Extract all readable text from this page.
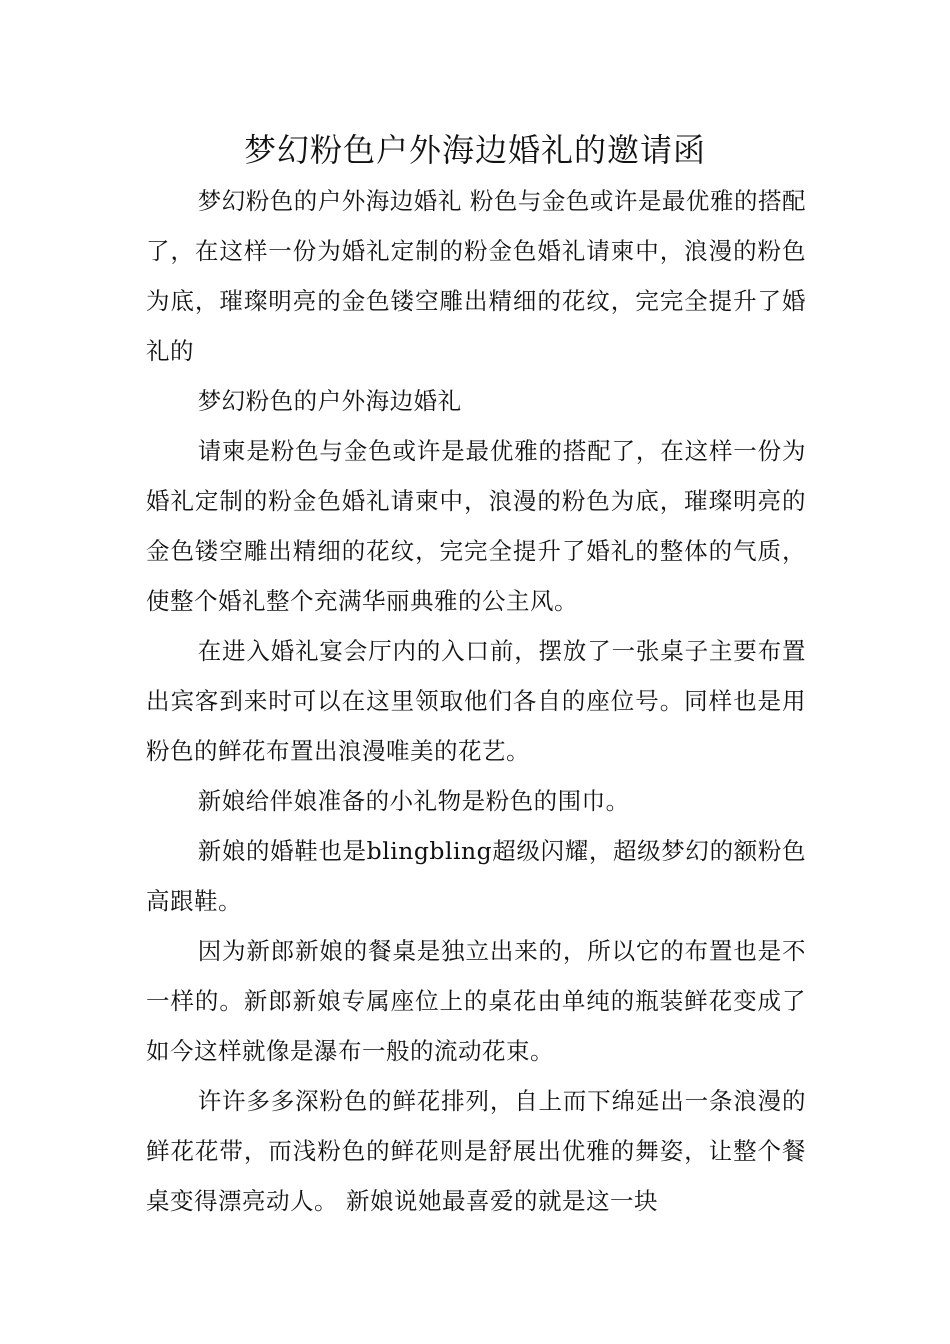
梦幻粉色户外海边婚礼的邀请函

梦幻粉色的户外海边婚礼 粉色与金色或许是最优雅的搭配了，在这样一份为婚礼定制的粉金色婚礼请柬中，浪漫的粉色为底，璀璨明亮的金色镂空雕出精细的花纹，完完全提升了婚礼的

梦幻粉色的户外海边婚礼

请柬是粉色与金色或许是最优雅的搭配了，在这样一份为婚礼定制的粉金色婚礼请柬中，浪漫的粉色为底，璀璨明亮的金色镂空雕出精细的花纹，完完全提升了婚礼的整体的气质，使整个婚礼整个充满华丽典雅的公主风。

在进入婚礼宴会厅内的入口前，摆放了一张桌子主要布置出宾客到来时可以在这里领取他们各自的座位号。同样也是用粉色的鲜花布置出浪漫唯美的花艺。

新娘给伴娘准备的小礼物是粉色的围巾。

新娘的婚鞋也是blingbling超级闪耀，超级梦幻的额粉色高跟鞋。

因为新郎新娘的餐桌是独立出来的，所以它的布置也是不一样的。新郎新娘专属座位上的桌花由单纯的瓶装鲜花变成了如今这样就像是瀑布一般的流动花束。

许许多多深粉色的鲜花排列，自上而下绵延出一条浪漫的鲜花花带，而浅粉色的鲜花则是舒展出优雅的舞姿，让整个餐桌变得漂亮动人。 新娘说她最喜爱的就是这一块
